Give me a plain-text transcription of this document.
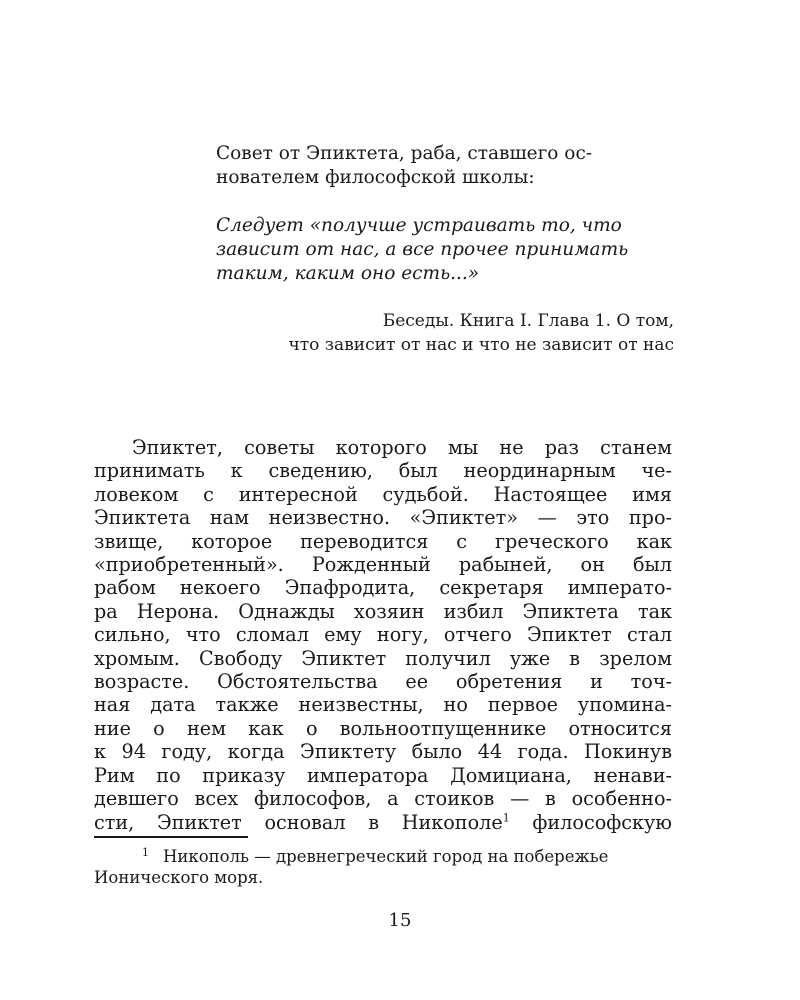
Совет от Эпиктета, раба, ставшего ос-
нователем философской школы:

Следует «получше устраивать то, что
зависит от нас, а все прочее принимать
таким, каким оно есть...»

Беседы. Книга I. Глава 1. О том,
что зависит от нас и что не зависит от нас

Эпиктет, советы которого мы не раз станем
принимать к сведению, был неординарным че-
ловеком с интересной судьбой. Настоящее имя
Эпиктета нам неизвестно. «Эпиктет» — это про-
звище, которое переводится с греческого как
«приобретенный». Рожденный рабыней, он был
рабом некоего Эпафродита, секретаря императо-
ра Нерона. Однажды хозяин избил Эпиктета так
сильно, что сломал ему ногу, отчего Эпиктет стал
хромым. Свободу Эпиктет получил уже в зрелом
возрасте. Обстоятельства ее обретения и точ-
ная дата также неизвестны, но первое упомина-
ние о нем как о вольноотпущеннике относится
к 94 году, когда Эпиктету было 44 года. Покинув
Рим по приказу императора Домициана, ненави-
девшего всех философов, а стоиков — в особенно-
сти, Эпиктет основал в Никополе$^1$ философскую
$^1$ Никополь — древнегреческий город на побережье
Ионического моря.
15
